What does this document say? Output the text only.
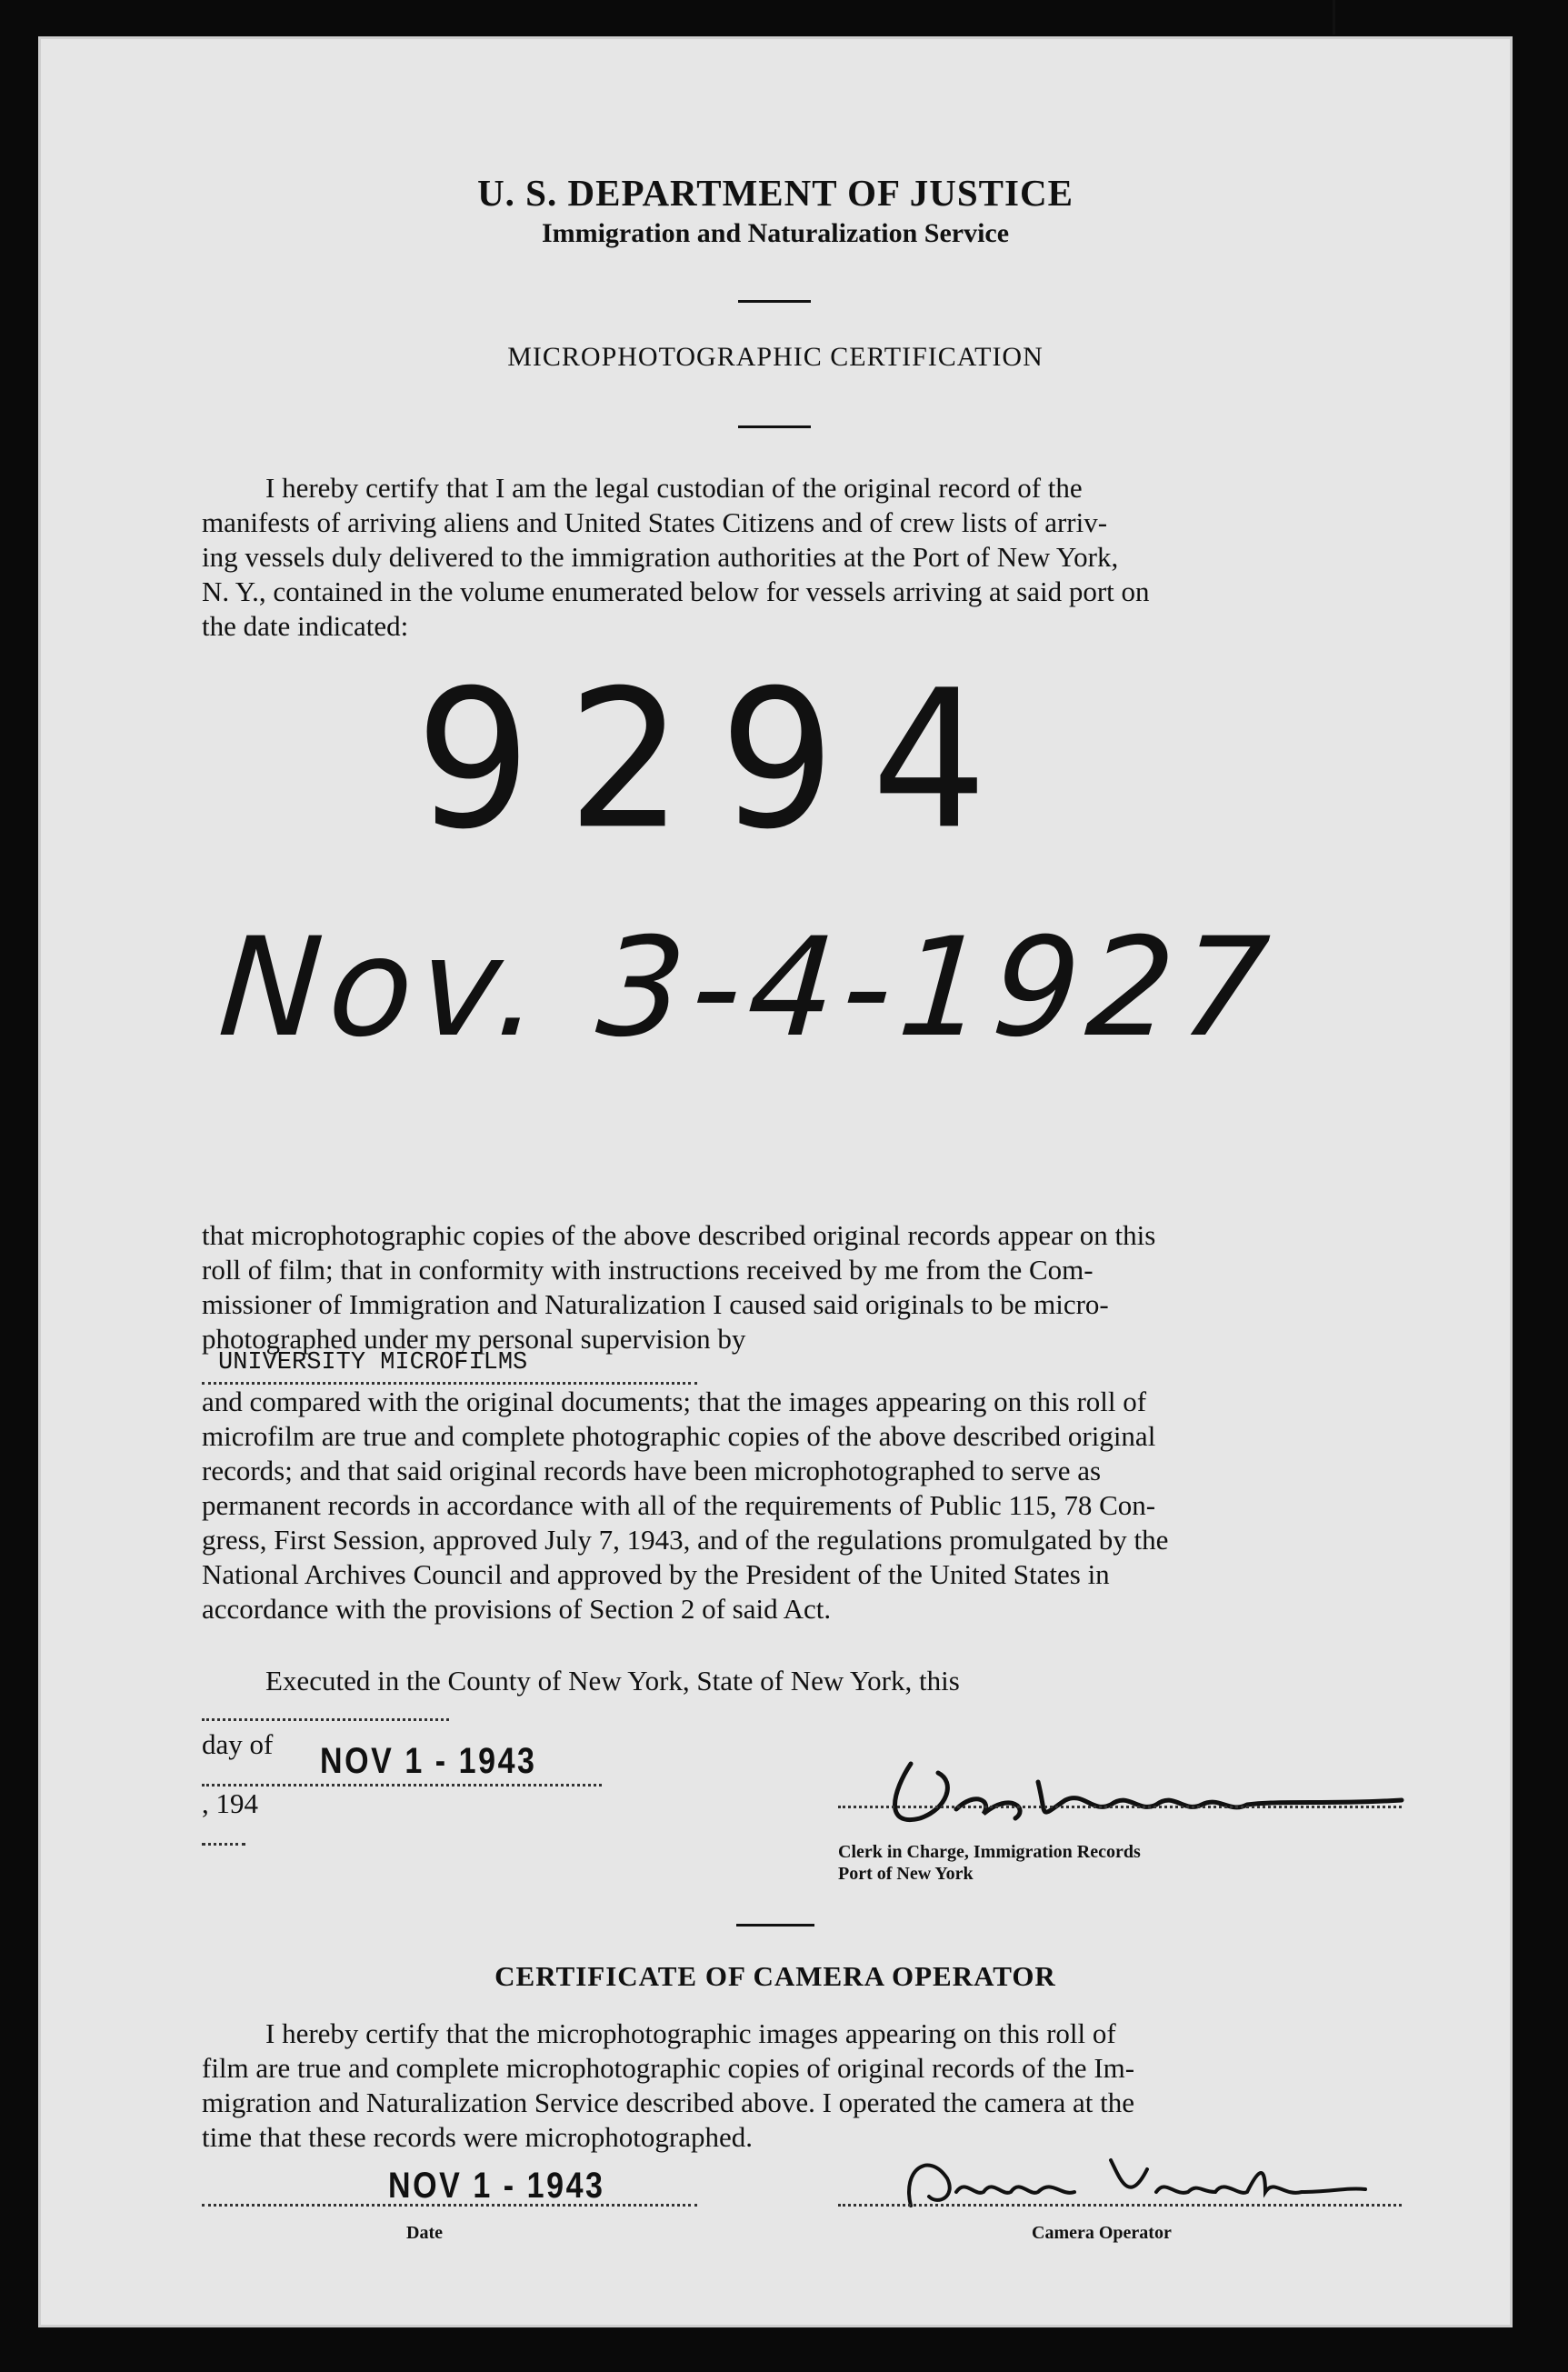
U. S. DEPARTMENT OF JUSTICE
Immigration and Naturalization Service
MICROPHOTOGRAPHIC CERTIFICATION
I hereby certify that I am the legal custodian of the original record of the
manifests of arriving aliens and United States Citizens and of crew lists of arriv-
ing vessels duly delivered to the immigration authorities at the Port of New York,
N. Y., contained in the volume enumerated below for vessels arriving at said port on
the date indicated:
9294
Nov. 3-4-1927
that microphotographic copies of the above described original records appear on this
roll of film; that in conformity with instructions received by me from the Com-
missioner of Immigration and Naturalization I caused said originals to be micro-
photographed under my personal supervision by
UNIVERSITY MICROFILMS
and compared with the original documents; that the images appearing on this roll of
microfilm are true and complete photographic copies of the above described original
records; and that said original records have been microphotographed to serve as
permanent records in accordance with all of the requirements of Public 115, 78 Con-
gress, First Session, approved July 7, 1943, and of the regulations promulgated by the
National Archives Council and approved by the President of the United States in
accordance with the provisions of Section 2 of said Act.
Executed in the County of New York, State of New York, this
day of NOV 1 - 1943
, 194
Clerk in Charge, Immigration Records
Port of New York
CERTIFICATE OF CAMERA OPERATOR
I hereby certify that the microphotographic images appearing on this roll of
film are true and complete microphotographic copies of original records of the Im-
migration and Naturalization Service described above. I operated the camera at the
time that these records were microphotographed.
NOV 1 - 1943
Date	Camera Operator
